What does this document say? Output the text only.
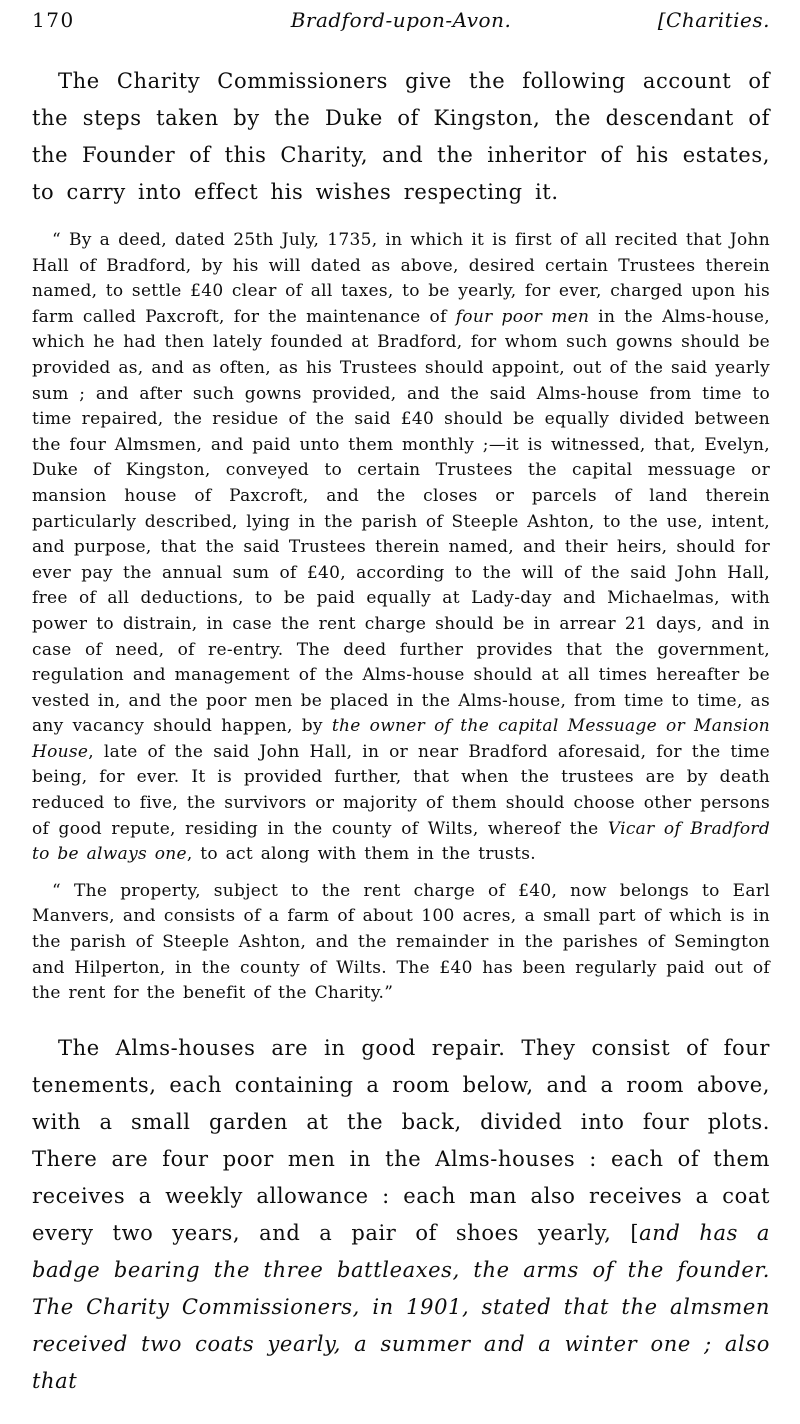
170	Bradford-upon-Avon.	[Charities.

The Charity Commissioners give the following account of the steps taken by the Duke of Kingston, the descendant of the Founder of this Charity, and the inheritor of his estates, to carry into effect his wishes respecting it.

“ By a deed, dated 25th July, 1735, in which it is first of all recited that John Hall of Bradford, by his will dated as above, desired certain Trustees therein named, to settle £40 clear of all taxes, to be yearly, for ever, charged upon his farm called Paxcroft, for the maintenance of four poor men in the Alms-house, which he had then lately founded at Bradford, for whom such gowns should be provided as, and as often, as his Trustees should appoint, out of the said yearly sum ; and after such gowns provided, and the said Alms-house from time to time repaired, the residue of the said £40 should be equally divided between the four Almsmen, and paid unto them monthly ;—it is witnessed, that, Evelyn, Duke of Kingston, conveyed to certain Trustees the capital messuage or mansion house of Paxcroft, and the closes or parcels of land therein particularly described, lying in the parish of Steeple Ashton, to the use, intent, and purpose, that the said Trustees therein named, and their heirs, should for ever pay the annual sum of £40, according to the will of the said John Hall, free of all deductions, to be paid equally at Lady-day and Michaelmas, with power to distrain, in case the rent charge should be in arrear 21 days, and in case of need, of re-entry. The deed further provides that the government, regulation and management of the Alms-house should at all times hereafter be vested in, and the poor men be placed in the Alms-house, from time to time, as any vacancy should happen, by the owner of the capital Messuage or Mansion House, late of the said John Hall, in or near Bradford aforesaid, for the time being, for ever. It is provided further, that when the trustees are by death reduced to five, the survivors or majority of them should choose other persons of good repute, residing in the county of Wilts, whereof the Vicar of Bradford to be always one, to act along with them in the trusts.

“ The property, subject to the rent charge of £40, now belongs to Earl Manvers, and consists of a farm of about 100 acres, a small part of which is in the parish of Steeple Ashton, and the remainder in the parishes of Semington and Hilperton, in the county of Wilts. The £40 has been regularly paid out of the rent for the benefit of the Charity.”

The Alms-houses are in good repair. They consist of four tenements, each containing a room below, and a room above, with a small garden at the back, divided into four plots. There are four poor men in the Alms-houses : each of them receives a weekly allowance : each man also receives a coat every two years, and a pair of shoes yearly, [and has a badge bearing the three battleaxes, the arms of the founder. The Charity Commissioners, in 1901, stated that the almsmen received two coats yearly, a summer and a winter one ; also that
